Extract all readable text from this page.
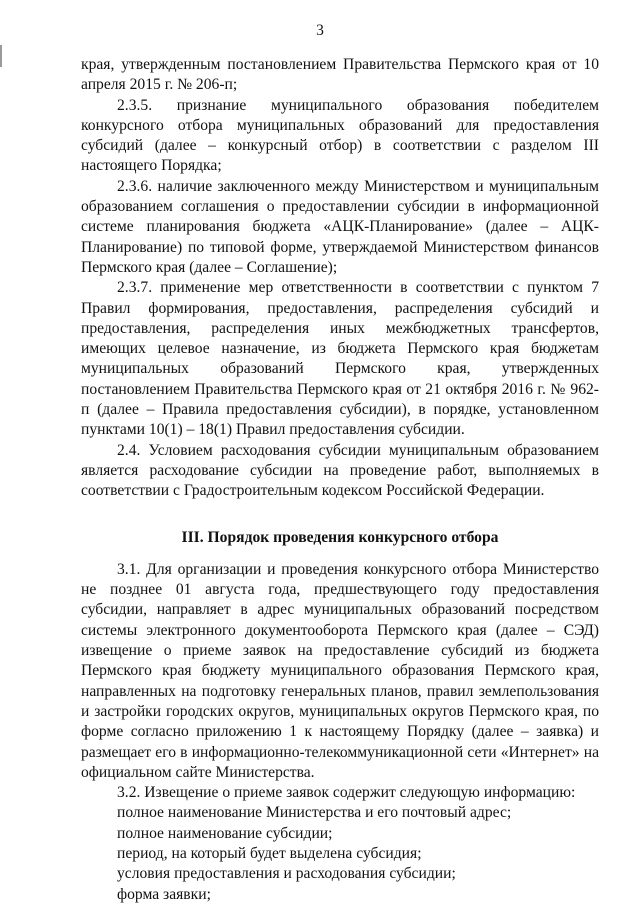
3

края, утвержденным постановлением Правительства Пермского края от 10 апреля 2015 г. № 206-п;

2.3.5. признание муниципального образования победителем конкурсного отбора муниципальных образований для предоставления субсидий (далее – конкурсный отбор) в соответствии с разделом III настоящего Порядка;

2.3.6. наличие заключенного между Министерством и муниципальным образованием соглашения о предоставлении субсидии в информационной системе планирования бюджета «АЦК-Планирование» (далее – АЦК-Планирование) по типовой форме, утверждаемой Министерством финансов Пермского края (далее – Соглашение);

2.3.7. применение мер ответственности в соответствии с пунктом 7 Правил формирования, предоставления, распределения субсидий и предоставления, распределения иных межбюджетных трансфертов, имеющих целевое назначение, из бюджета Пермского края бюджетам муниципальных образований Пермского края, утвержденных постановлением Правительства Пермского края от 21 октября 2016 г. № 962-п (далее – Правила предоставления субсидии), в порядке, установленном пунктами 10(1) – 18(1) Правил предоставления субсидии.

2.4. Условием расходования субсидии муниципальным образованием является расходование субсидии на проведение работ, выполняемых в соответствии с Градостроительным кодексом Российской Федерации.

III. Порядок проведения конкурсного отбора

3.1. Для организации и проведения конкурсного отбора Министерство не позднее 01 августа года, предшествующего году предоставления субсидии, направляет в адрес муниципальных образований посредством системы электронного документооборота Пермского края (далее – СЭД) извещение о приеме заявок на предоставление субсидий из бюджета Пермского края бюджету муниципального образования Пермского края, направленных на подготовку генеральных планов, правил землепользования и застройки городских округов, муниципальных округов Пермского края, по форме согласно приложению 1 к настоящему Порядку (далее – заявка) и размещает его в информационно-телекоммуникационной сети «Интернет» на официальном сайте Министерства.

3.2. Извещение о приеме заявок содержит следующую информацию:

полное наименование Министерства и его почтовый адрес;

полное наименование субсидии;

период, на который будет выделена субсидия;

условия предоставления и расходования субсидии;

форма заявки;
